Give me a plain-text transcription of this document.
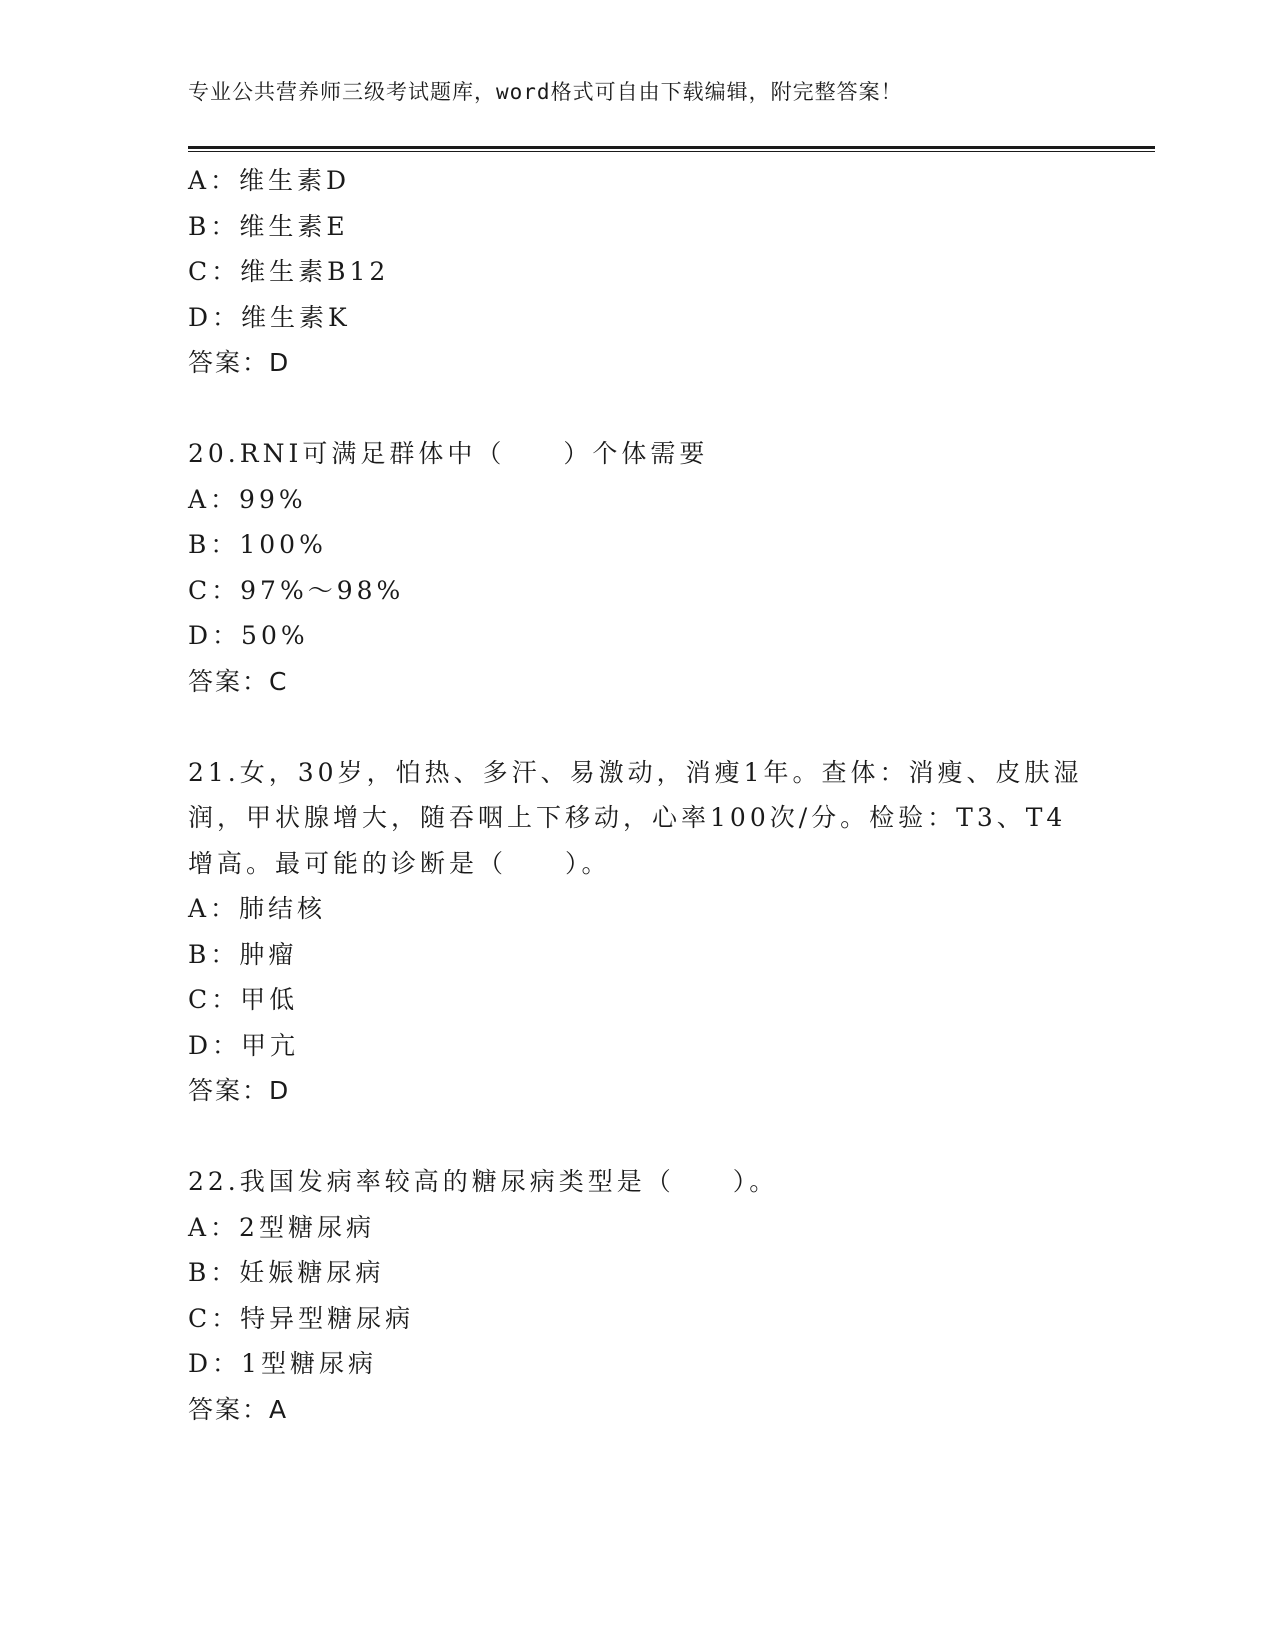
专业公共营养师三级考试题库，word格式可自由下载编辑，附完整答案！
A：维生素D
B：维生素E
C：维生素B12
D：维生素K
答案：D
20.RNI可满足群体中（　　）个体需要
A：99%
B：100%
C：97%～98%
D：50%
答案：C
21.女，30岁，怕热、多汗、易激动，消瘦1年。查体：消瘦、皮肤湿
润，甲状腺增大，随吞咽上下移动，心率100次/分。检验：T3、T4
增高。最可能的诊断是（　　）。
A：肺结核
B：肿瘤
C：甲低
D：甲亢
答案：D
22.我国发病率较高的糖尿病类型是（　　）。
A：2型糖尿病
B：妊娠糖尿病
C：特异型糖尿病
D：1型糖尿病
答案：A
